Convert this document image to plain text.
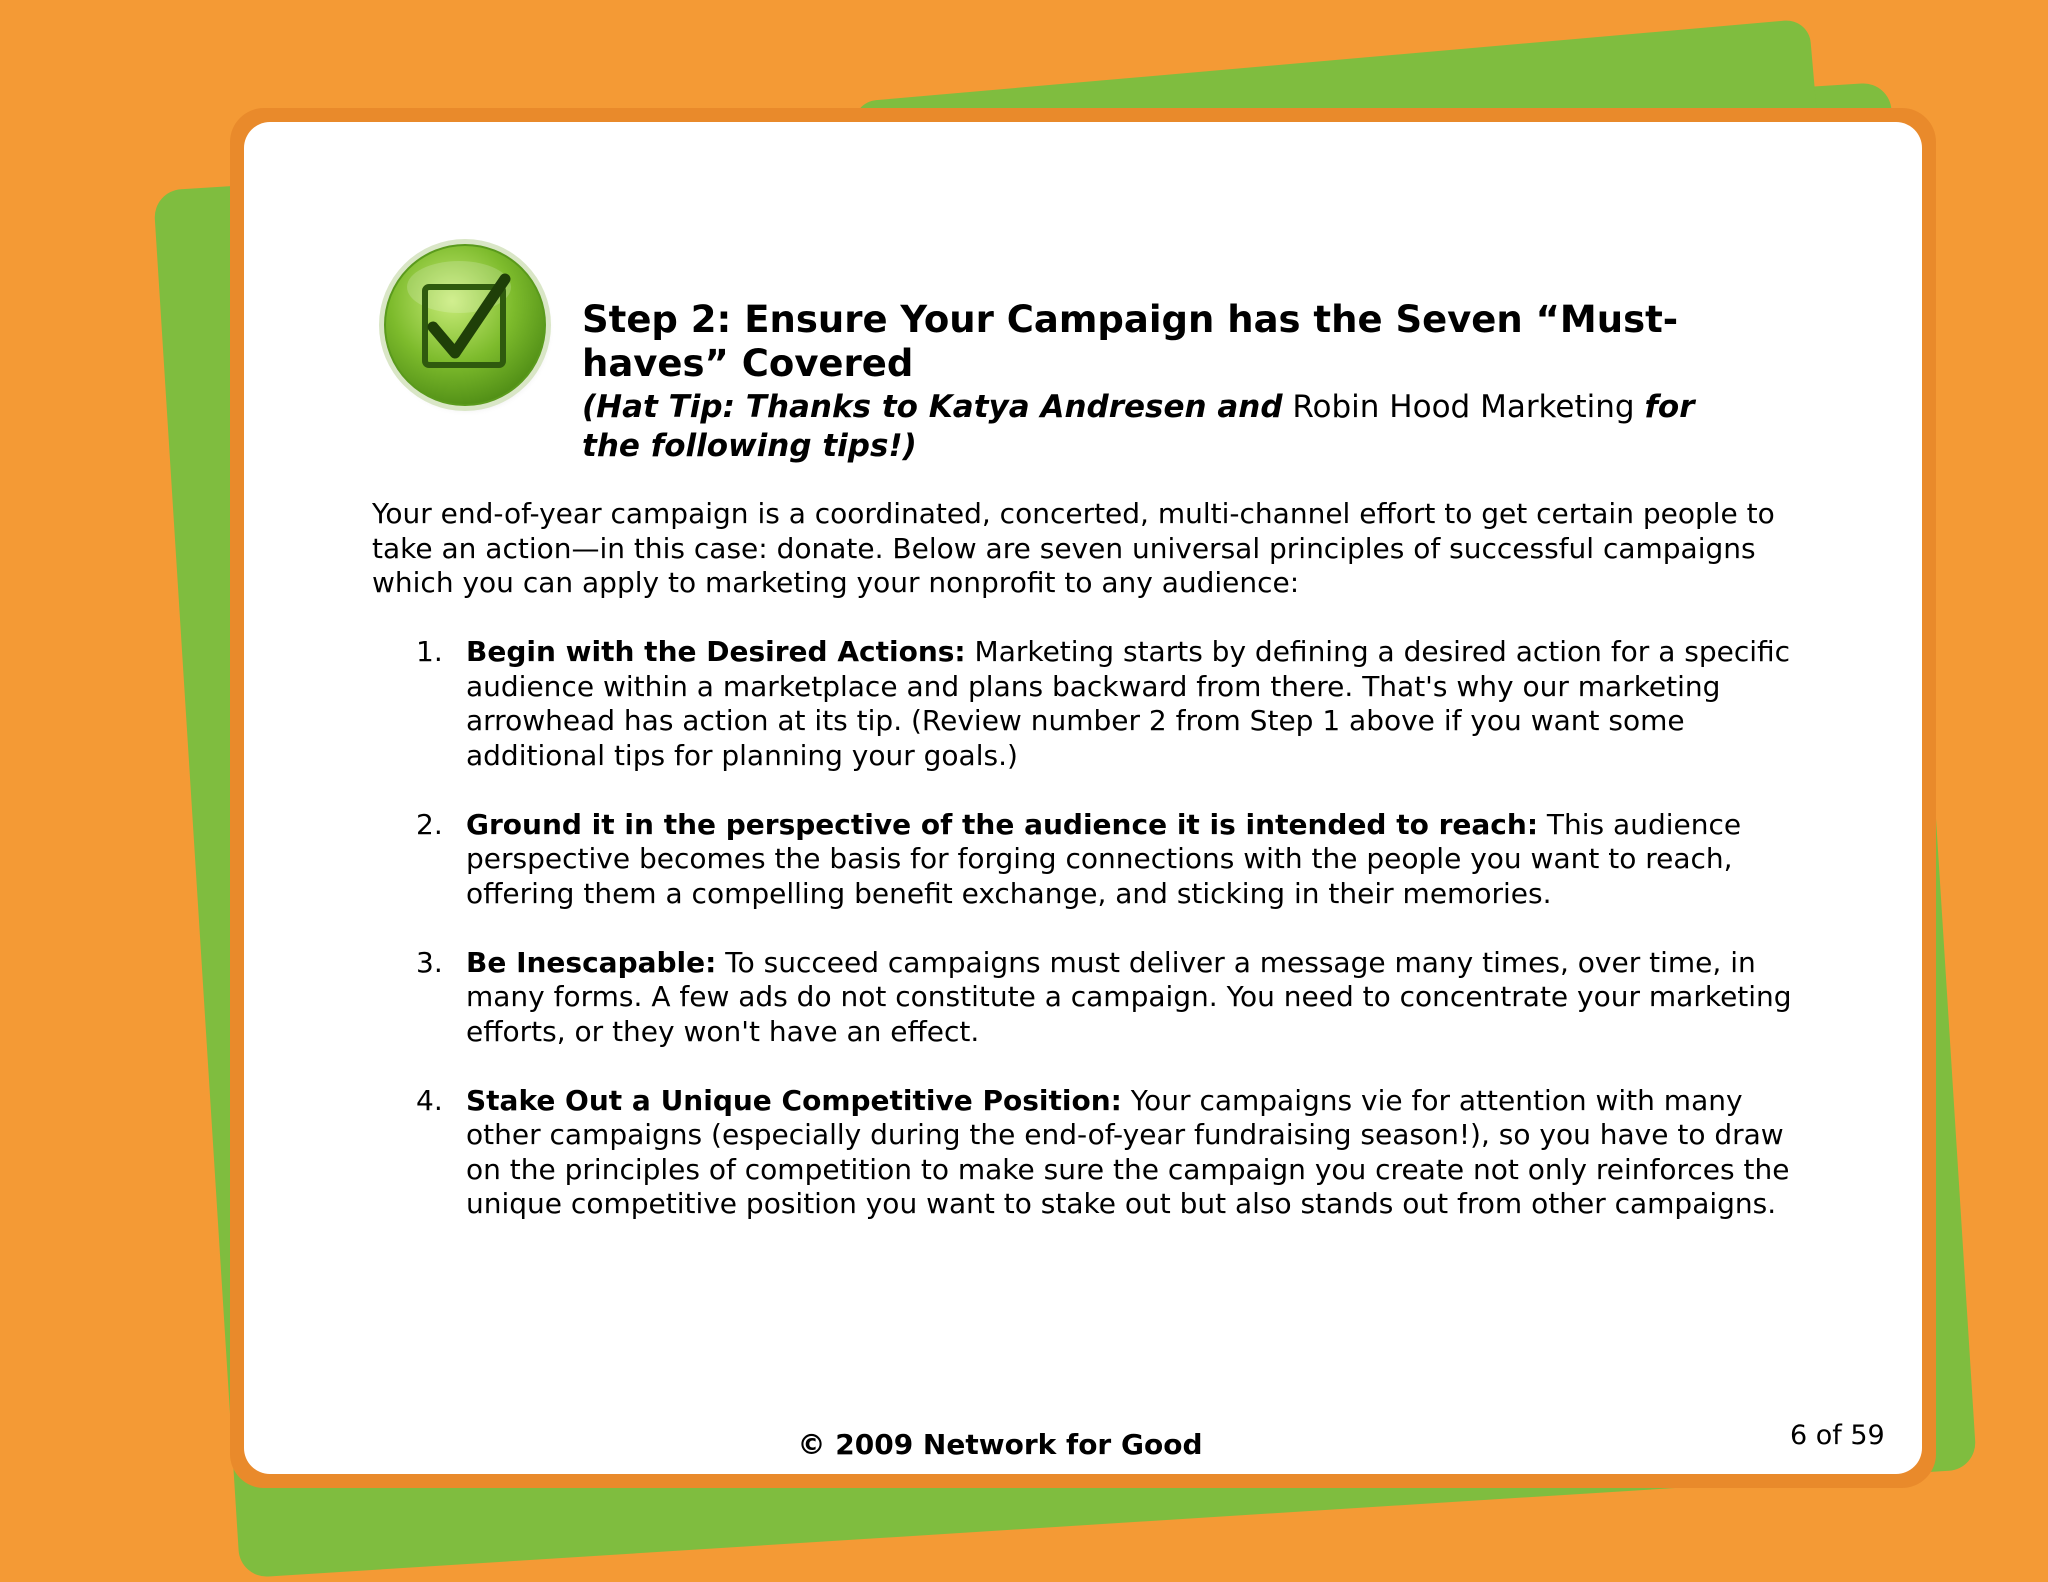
Step 2: Ensure Your Campaign has the Seven “Must-haves” Covered
(Hat Tip: Thanks to Katya Andresen and Robin Hood Marketing for the following tips!)
Your end-of-year campaign is a coordinated, concerted, multi-channel effort to get certain people to take an action—in this case: donate. Below are seven universal principles of successful campaigns which you can apply to marketing your nonprofit to any audience:
1. Begin with the Desired Actions: Marketing starts by defining a desired action for a specific audience within a marketplace and plans backward from there. That's why our marketing arrowhead has action at its tip. (Review number 2 from Step 1 above if you want some additional tips for planning your goals.)
2. Ground it in the perspective of the audience it is intended to reach: This audience perspective becomes the basis for forging connections with the people you want to reach, offering them a compelling benefit exchange, and sticking in their memories.
3. Be Inescapable: To succeed campaigns must deliver a message many times, over time, in many forms. A few ads do not constitute a campaign. You need to concentrate your marketing efforts, or they won't have an effect.
4. Stake Out a Unique Competitive Position: Your campaigns vie for attention with many other campaigns (especially during the end-of-year fundraising season!), so you have to draw on the principles of competition to make sure the campaign you create not only reinforces the unique competitive position you want to stake out but also stands out from other campaigns.
© 2009 Network for Good	6 of 59
